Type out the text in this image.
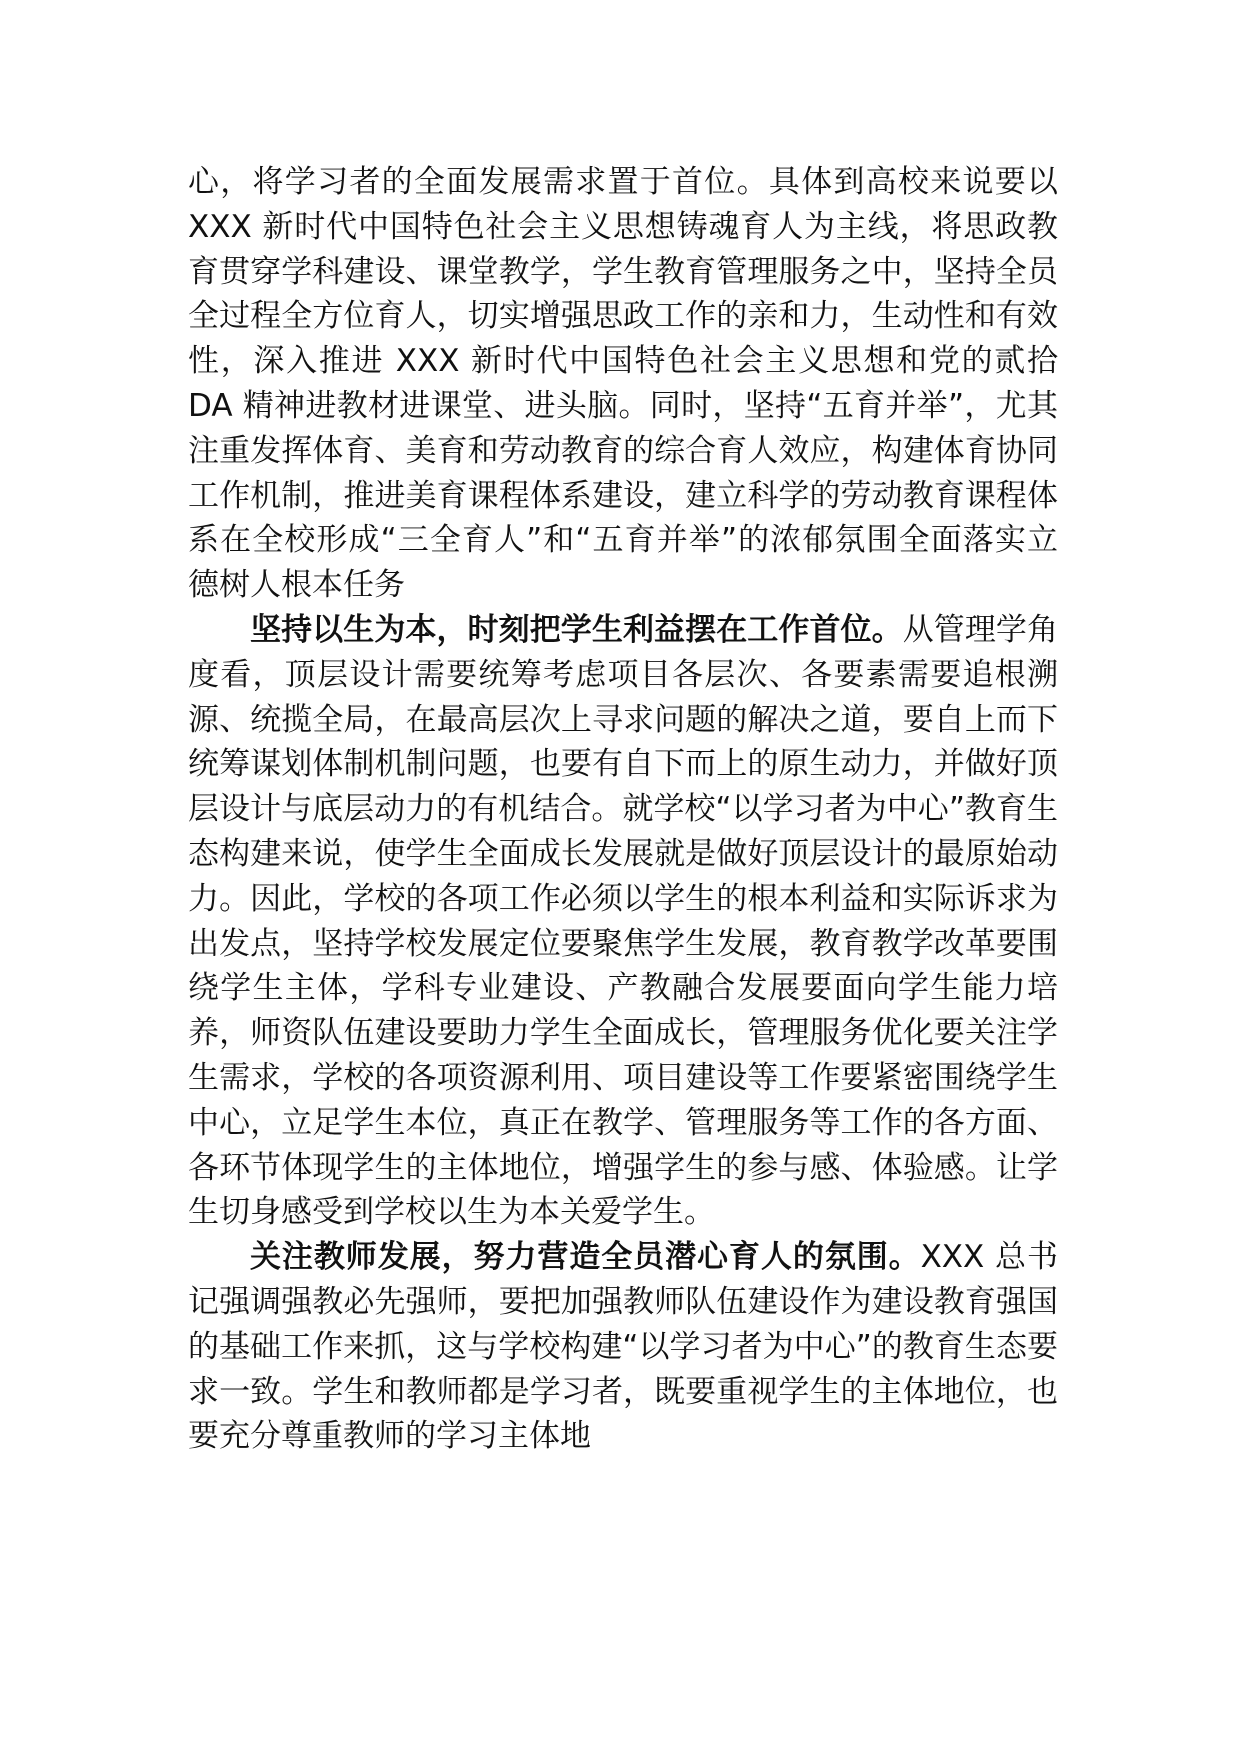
心，将学习者的全面发展需求置于首位。具体到高校来说要以 XXX 新时代中国特色社会主义思想铸魂育人为主线，将思政教育贯穿学科建设、课堂教学，学生教育管理服务之中，坚持全员全过程全方位育人，切实增强思政工作的亲和力，生动性和有效性，深入推进 XXX 新时代中国特色社会主义思想和党的贰拾 DA 精神进教材进课堂、进头脑。同时，坚持“五育并举”，尤其注重发挥体育、美育和劳动教育的综合育人效应，构建体育协同工作机制，推进美育课程体系建设，建立科学的劳动教育课程体系在全校形成“三全育人”和“五育并举”的浓郁氛围全面落实立德树人根本任务

坚持以生为本，时刻把学生利益摆在工作首位。从管理学角度看，顶层设计需要统筹考虑项目各层次、各要素需要追根溯源、统揽全局，在最高层次上寻求问题的解决之道，要自上而下统筹谋划体制机制问题，也要有自下而上的原生动力，并做好顶层设计与底层动力的有机结合。就学校“以学习者为中心”教育生态构建来说，使学生全面成长发展就是做好顶层设计的最原始动力。因此，学校的各项工作必须以学生的根本利益和实际诉求为出发点，坚持学校发展定位要聚焦学生发展，教育教学改革要围绕学生主体，学科专业建设、产教融合发展要面向学生能力培养，师资队伍建设要助力学生全面成长，管理服务优化要关注学生需求，学校的各项资源利用、项目建设等工作要紧密围绕学生中心，立足学生本位，真正在教学、管理服务等工作的各方面、各环节体现学生的主体地位，增强学生的参与感、体验感。让学生切身感受到学校以生为本关爱学生。

关注教师发展，努力营造全员潜心育人的氛围。XXX 总书记强调强教必先强师，要把加强教师队伍建设作为建设教育强国的基础工作来抓，这与学校构建“以学习者为中心”的教育生态要求一致。学生和教师都是学习者，既要重视学生的主体地位，也要充分尊重教师的学习主体地
